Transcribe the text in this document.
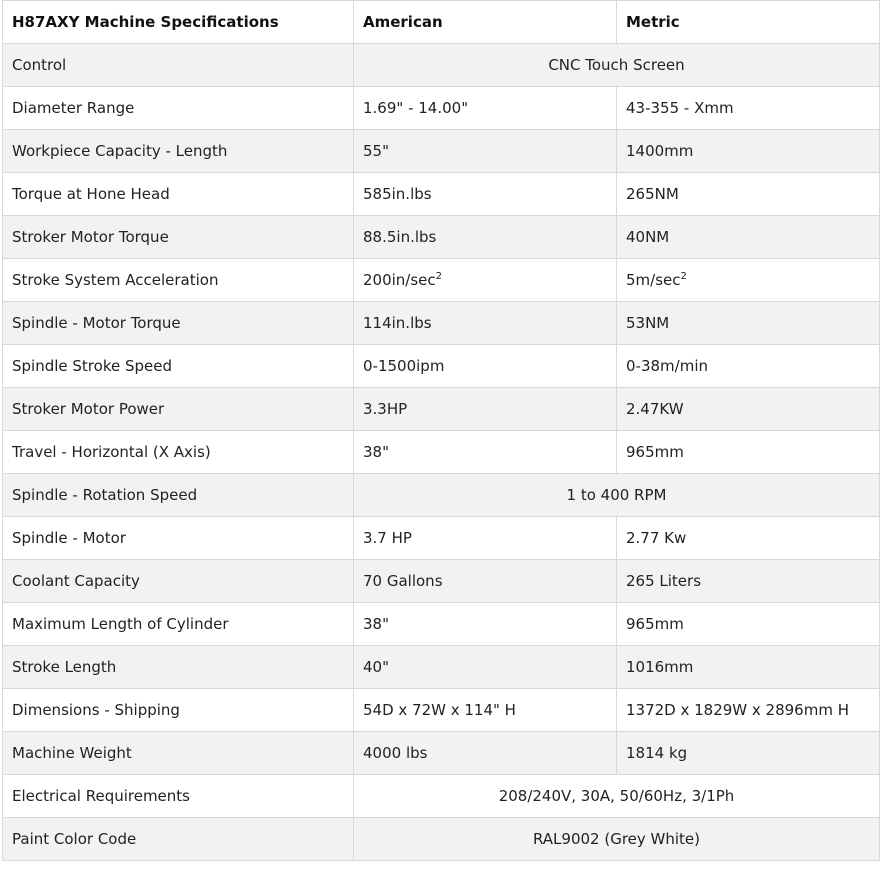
H87AXY Machine Specifications	American	Metric
Control	CNC Touch Screen	
Diameter Range	1.69" - 14.00"	43-355 - Xmm
Workpiece Capacity - Length	55"	1400mm
Torque at Hone Head	585in.lbs	265NM
Stroker Motor Torque	88.5in.lbs	40NM
Stroke System Acceleration	$200in/\sec^2$	$5m/\sec^2$
Spindle - Motor Torque	114in.lbs	53NM
Spindle Stroke Speed	0-1500ipm	0-38m/min
Stroker Motor Power	3.3HP	2.47KW
Travel - Horizontal (X Axis)	38"	965mm
Spindle - Rotation Speed	1 to 400 RPM	
Spindle - Motor	3.7 HP	2.77 Kw
Coolant Capacity	70 Gallons	265 Liters
Maximum Length of Cylinder	38"	965mm
Stroke Length	40"	1016mm
Dimensions - Shipping	54D x 72W x 114" H	1372D x 1829W x 2896mm H
Machine Weight	4000 lbs	1814 kg
Electrical Requirements	208/240V, 30A, 50/60Hz, 3/1Ph	
Paint Color Code	RAL9002 (Grey White)	
